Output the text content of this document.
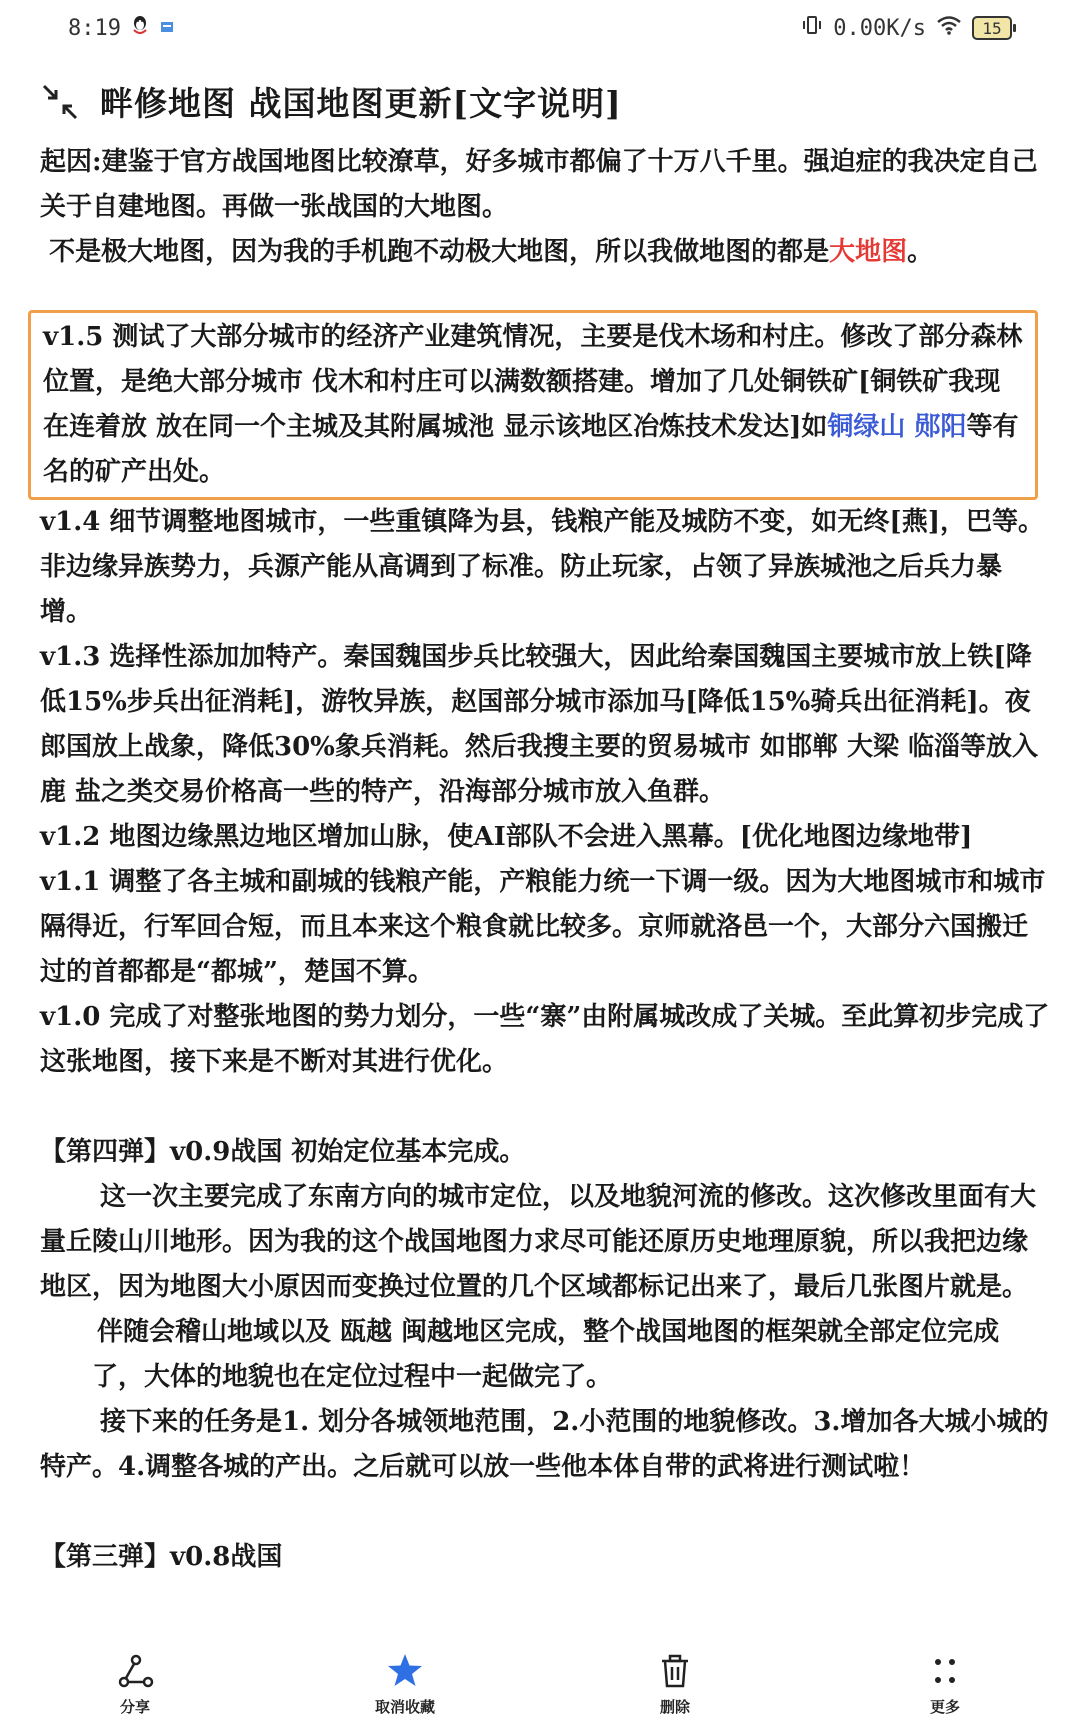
8:19	0.00K/s	15
畔修地图 战国地图更新[文字说明]

起因:建鉴于官方战国地图比较潦草，好多城市都偏了十万八千里。强迫症的我决定自己关于自建地图。再做一张战国的大地图。

不是极大地图，因为我的手机跑不动极大地图，所以我做地图的都是大地图。

v1.5 测试了大部分城市的经济产业建筑情况，主要是伐木场和村庄。修改了部分森林位置，是绝大部分城市 伐木和村庄可以满数额搭建。增加了几处铜铁矿[铜铁矿我现在连着放 放在同一个主城及其附属城池 显示该地区冶炼技术发达]如铜绿山 郧阳等有名的矿产出处。

v1.4 细节调整地图城市，一些重镇降为县，钱粮产能及城防不变，如无终[燕]，巴等。非边缘异族势力，兵源产能从高调到了标准。防止玩家，占领了异族城池之后兵力暴增。

v1.3 选择性添加加特产。秦国魏国步兵比较强大，因此给秦国魏国主要城市放上铁[降低15%步兵出征消耗]，游牧异族，赵国部分城市添加马[降低15%骑兵出征消耗]。夜郎国放上战象，降低30%象兵消耗。然后我搜主要的贸易城市 如邯郸 大梁 临淄等放入鹿 盐之类交易价格高一些的特产，沿海部分城市放入鱼群。

v1.2 地图边缘黑边地区增加山脉，使AI部队不会进入黑幕。[优化地图边缘地带]

v1.1 调整了各主城和副城的钱粮产能，产粮能力统一下调一级。因为大地图城市和城市隔得近，行军回合短，而且本来这个粮食就比较多。京师就洛邑一个，大部分六国搬迁过的首都都是“都城”，楚国不算。

v1.0 完成了对整张地图的势力划分，一些“寨”由附属城改成了关城。至此算初步完成了这张地图，接下来是不断对其进行优化。

【第四弹】v0.9战国 初始定位基本完成。

这一次主要完成了东南方向的城市定位，以及地貌河流的修改。这次修改里面有大量丘陵山川地形。因为我的这个战国地图力求尽可能还原历史地理原貌，所以我把边缘地区，因为地图大小原因而变换过位置的几个区域都标记出来了，最后几张图片就是。

伴随会稽山地域以及 瓯越 闽越地区完成，整个战国地图的框架就全部定位完成了，大体的地貌也在定位过程中一起做完了。

接下来的任务是1. 划分各城领地范围，2.小范围的地貌修改。3.增加各大城小城的特产。4.调整各城的产出。之后就可以放一些他本体自带的武将进行测试啦！

【第三弹】v0.8战国

分享	取消收藏	删除	更多
